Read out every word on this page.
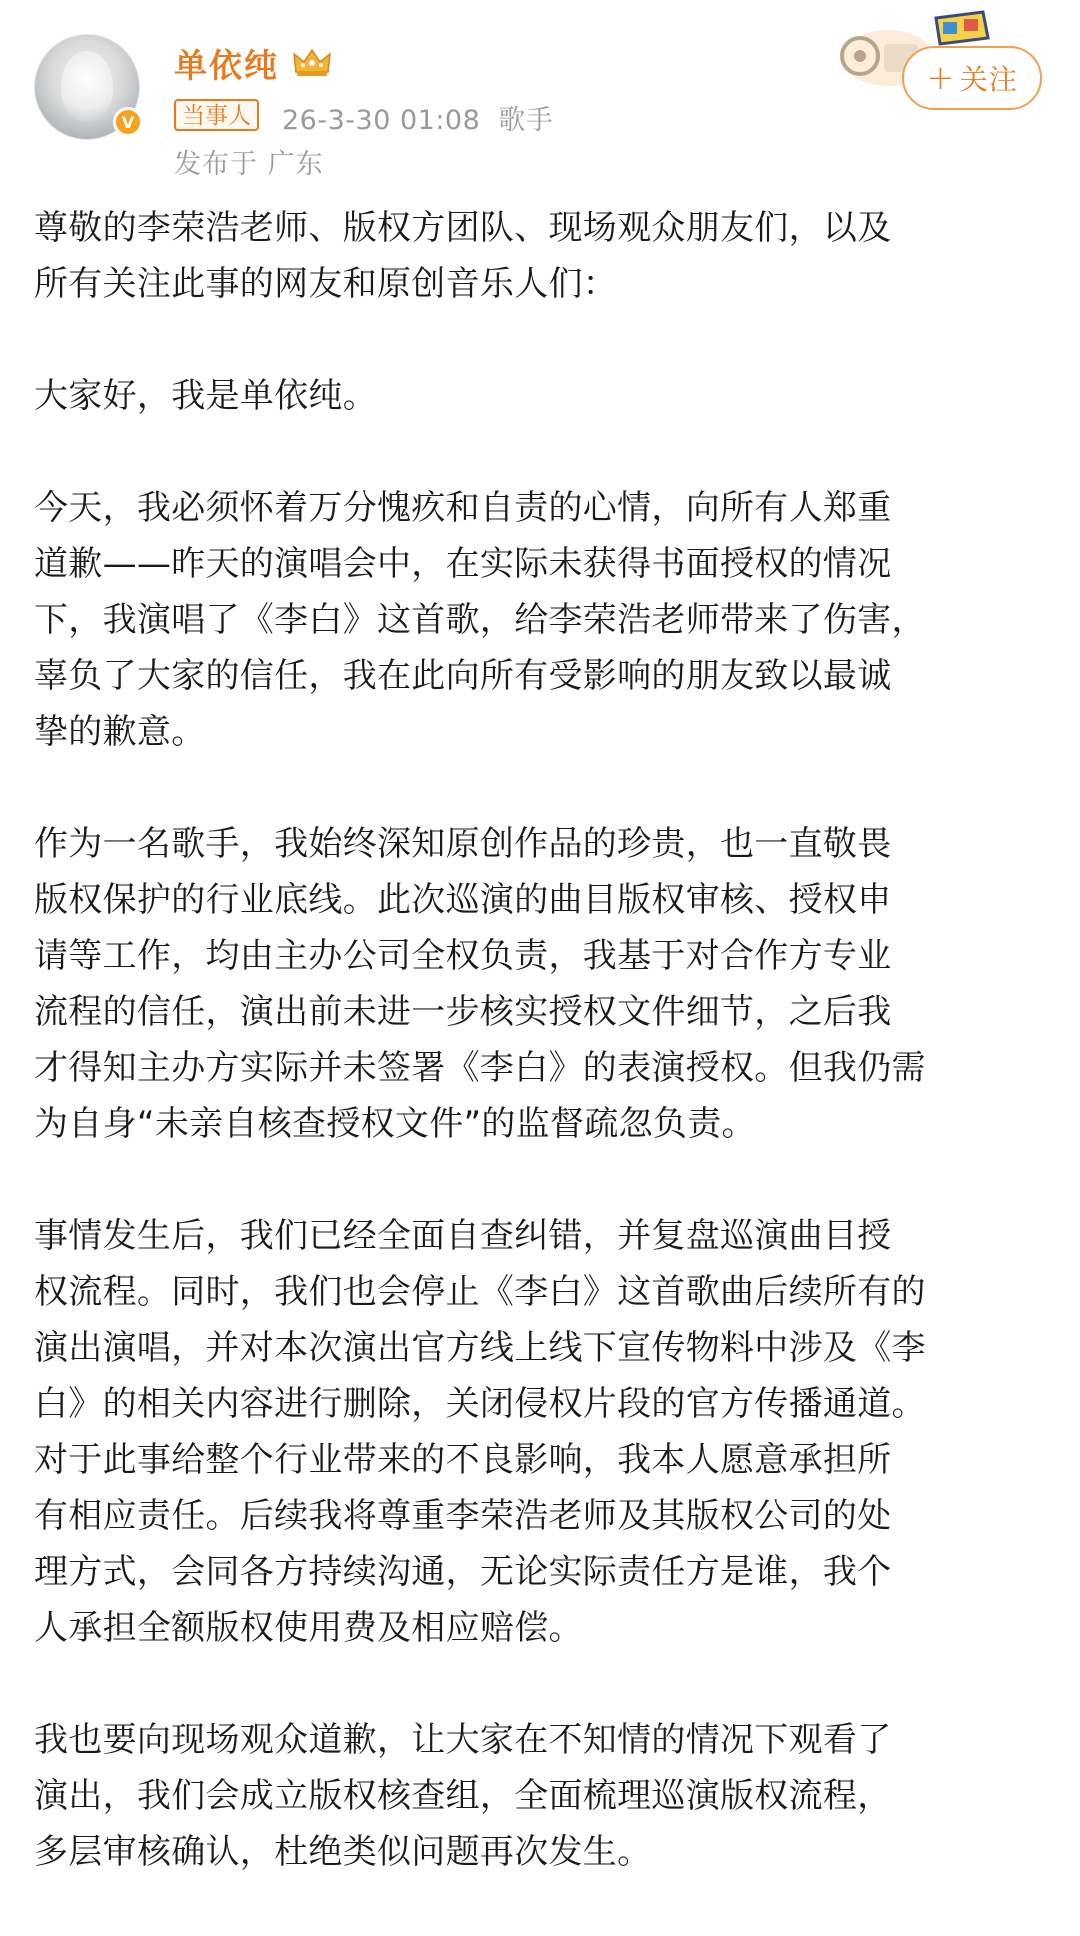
V
单依纯
当事人 26-3-30 01:08 歌手
发布于 广东
+ 关注

尊敬的李荣浩老师、版权方团队、现场观众朋友们，以及
所有关注此事的网友和原创音乐人们：

大家好，我是单依纯。

今天，我必须怀着万分愧疚和自责的心情，向所有人郑重
道歉——昨天的演唱会中，在实际未获得书面授权的情况
下，我演唱了《李白》这首歌，给李荣浩老师带来了伤害，
辜负了大家的信任，我在此向所有受影响的朋友致以最诚
挚的歉意。

作为一名歌手，我始终深知原创作品的珍贵，也一直敬畏
版权保护的行业底线。此次巡演的曲目版权审核、授权申
请等工作，均由主办公司全权负责，我基于对合作方专业
流程的信任，演出前未进一步核实授权文件细节，之后我
才得知主办方实际并未签署《李白》的表演授权。但我仍需
为自身“未亲自核查授权文件”的监督疏忽负责。

事情发生后，我们已经全面自查纠错，并复盘巡演曲目授
权流程。同时，我们也会停止《李白》这首歌曲后续所有的
演出演唱，并对本次演出官方线上线下宣传物料中涉及《李
白》的相关内容进行删除，关闭侵权片段的官方传播通道。
对于此事给整个行业带来的不良影响，我本人愿意承担所
有相应责任。后续我将尊重李荣浩老师及其版权公司的处
理方式，会同各方持续沟通，无论实际责任方是谁，我个
人承担全额版权使用费及相应赔偿。

我也要向现场观众道歉，让大家在不知情的情况下观看了
演出，我们会成立版权核查组，全面梳理巡演版权流程，
多层审核确认，杜绝类似问题再次发生。
